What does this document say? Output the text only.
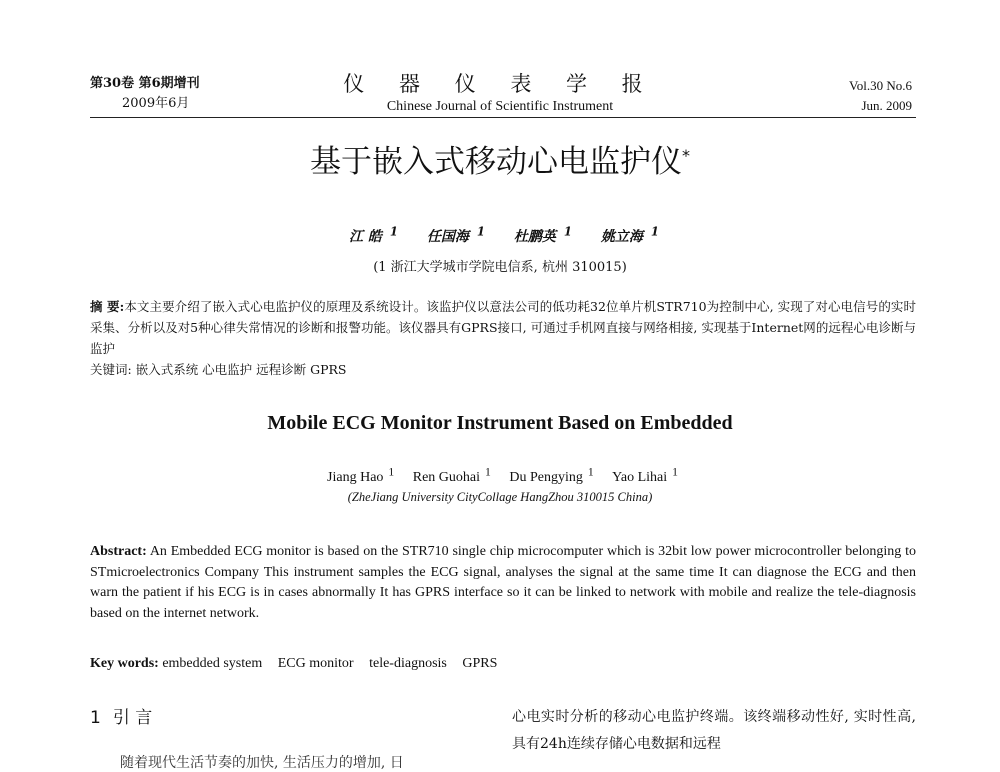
第30卷 第6期增刊
2009年6月
仪 器 仪 表 学 报
Chinese Journal of Scientific Instrument
Vol.30 No.6
Jun. 2009
基于嵌入式移动心电监护仪*
江 皓 $^1$ 任国海 $^1$ 杜鹏英 $^1$ 姚立海 $^1$
(1 浙江大学城市学院电信系, 杭州 310015)
摘 要:本文主要介绍了嵌入式心电监护仪的原理及系统设计。该监护仪以意法公司的低功耗32位单片机STR710为控制中心, 实现了对心电信号的实时采集、分析以及对5种心律失常情况的诊断和报警功能。该仪器具有GPRS接口, 可通过手机网直接与网络相接, 实现基于Internet网的远程心电诊断与监护
关键词: 嵌入式系统 心电监护 远程诊断 GPRS
Mobile ECG Monitor Instrument Based on Embedded
Jiang Hao $^1$ Ren Guohai $^1$ Du Pengying $^1$ Yao Lihai $^1$
(ZheJiang University CityCollage HangZhou 310015 China)
Abstract: An Embedded ECG monitor is based on the STR710 single chip microcomputer which is 32bit low power microcontroller belonging to STmicroelectronics Company This instrument samples the ECG signal, analyses the signal at the same time It can diagnose the ECG and then warn the patient if his ECG is in cases abnormally It has GPRS interface so it can be linked to network with mobile and realize the tele-diagnosis based on the internet network.
Key words: embedded system ECG monitor tele-diagnosis GPRS
1 引 言	心电实时分析的移动心电监护终端。该终端移动性好, 实时性高, 具有24h连续存储心电数据和远程
随着现代生活节奏的加快, 生活压力的增加, 日
